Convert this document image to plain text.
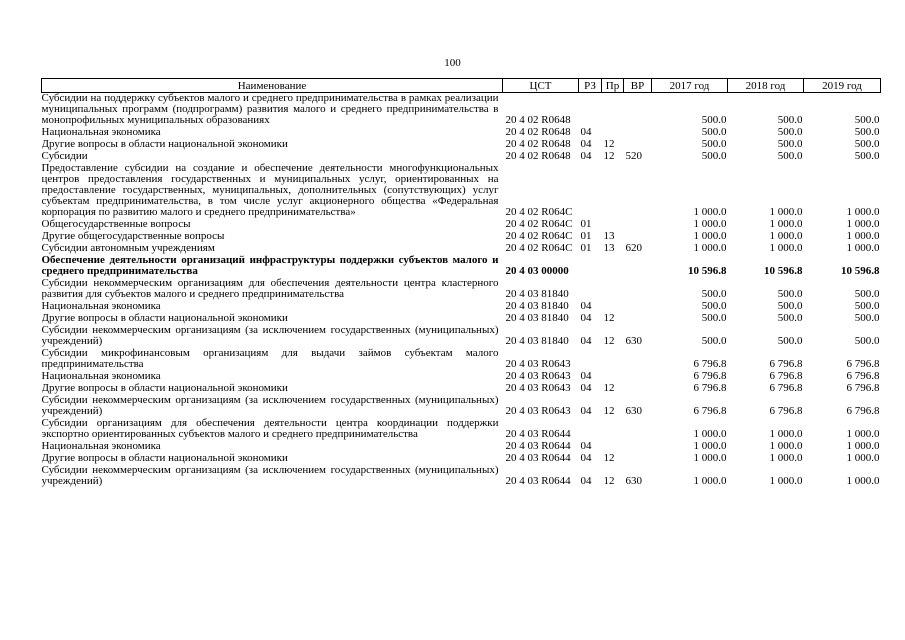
100
Наименование	ЦСТ	РЗ	Пр	ВР	2017 год	2018 год	2019 год
Субсидии на поддержку субъектов малого и среднего предпринимательства в рамках реализации муниципальных программ (подпрограмм) развития малого и среднего предпринимательства в монопрофильных муниципальных образованиях	20 4 02 R0648				500.0	500.0	500.0
Национальная экономика	20 4 02 R0648	04			500.0	500.0	500.0
Другие вопросы в области национальной экономики	20 4 02 R0648	04	12		500.0	500.0	500.0
Субсидии	20 4 02 R0648	04	12	520	500.0	500.0	500.0
Предоставление субсидии на создание и обеспечение деятельности многофункциональных центров предоставления государственных и муниципальных услуг, ориентированных на предоставление государственных, муниципальных, дополнительных (сопутствующих) услуг субъектам предпринимательства, в том числе услуг акционерного общества «Федеральная корпорация по развитию малого и среднего предпринимательства»	20 4 02 R064C				1 000.0	1 000.0	1 000.0
Общегосударственные вопросы	20 4 02 R064C	01			1 000.0	1 000.0	1 000.0
Другие общегосударственные вопросы	20 4 02 R064C	01	13		1 000.0	1 000.0	1 000.0
Субсидии автономным учреждениям	20 4 02 R064C	01	13	620	1 000.0	1 000.0	1 000.0
Обеспечение деятельности организаций инфраструктуры поддержки субъектов малого и среднего предпринимательства	20 4 03 00000				10 596.8	10 596.8	10 596.8
Субсидии некоммерческим организациям для обеспечения деятельности центра кластерного развития для субъектов малого и среднего предпринимательства	20 4 03 81840				500.0	500.0	500.0
Национальная экономика	20 4 03 81840	04			500.0	500.0	500.0
Другие вопросы в области национальной экономики	20 4 03 81840	04	12		500.0	500.0	500.0
Субсидии некоммерческим организациям (за исключением государственных (муниципальных) учреждений)	20 4 03 81840	04	12	630	500.0	500.0	500.0
Субсидии микрофинансовым организациям для выдачи займов субъектам малого предпринимательства	20 4 03 R0643				6 796.8	6 796.8	6 796.8
Национальная экономика	20 4 03 R0643	04			6 796.8	6 796.8	6 796.8
Другие вопросы в области национальной экономики	20 4 03 R0643	04	12		6 796.8	6 796.8	6 796.8
Субсидии некоммерческим организациям (за исключением государственных (муниципальных) учреждений)	20 4 03 R0643	04	12	630	6 796.8	6 796.8	6 796.8
Субсидии организациям для обеспечения деятельности центра координации поддержки экспортно ориентированных субъектов малого и среднего предпринимательства	20 4 03 R0644				1 000.0	1 000.0	1 000.0
Национальная экономика	20 4 03 R0644	04			1 000.0	1 000.0	1 000.0
Другие вопросы в области национальной экономики	20 4 03 R0644	04	12		1 000.0	1 000.0	1 000.0
Субсидии некоммерческим организациям (за исключением государственных (муниципальных) учреждений)	20 4 03 R0644	04	12	630	1 000.0	1 000.0	1 000.0
